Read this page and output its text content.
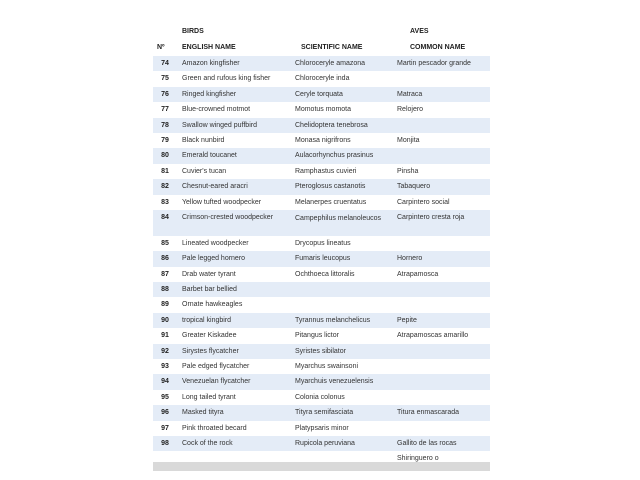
BIRDS	AVES
Nº ENGLISH NAME	SCIENTIFIC NAME	COMMON NAME
74	Amazon kingfisher	Chloroceryle amazona	Martin pescador grande
75	Green and rufous king fisher	Chloroceryle inda
76	Ringed kingfisher	Ceryle torquata	Matraca
77	Blue-crowned motmot	Momotus momota	Relojero
78	Swallow winged puffbird	Chelidoptera tenebrosa
79	Black nunbird	Monasa nigrifrons	Monjita
80	Emerald toucanet	Aulacorhynchus prasinus
81	Cuvier's tucan	Ramphastus cuvieri	Pinsha
82	Chesnut-eared aracri	Pteroglosus castanotis	Tabaquero
83	Yellow tufted woodpecker	Melanerpes cruentatus	Carpintero social
84	Crimson-crested woodpecker	Campephilus melanoleucos	Carpintero cresta roja
85	Lineated woodpecker	Drycopus lineatus
86	Pale legged hornero	Fumaris leucopus	Hornero
87	Drab water tyrant	Ochthoeca littoralis	Atrapamosca
88	Barbet bar bellied
89	Ornate hawkeagles
90	tropical kingbird	Tyrannus melanchelicus	Pepite
91	Greater Kiskadee	Pitangus lictor	Atrapamoscas amarillo
92	Sirystes flycatcher	Syristes sibilator
93	Pale edged flycatcher	Myarchus swainsoni
94	Venezuelan flycatcher	Myarchuis venezuelensis
95	Long tailed tyrant	Colonia colonus
96	Masked tityra	Tityra semifasciata	Titura enmascarada
97	Pink throated becard	Platypsaris minor
98	Cock of the rock	Rupicola peruviana	Gallito de las rocas
Shiringuero o
